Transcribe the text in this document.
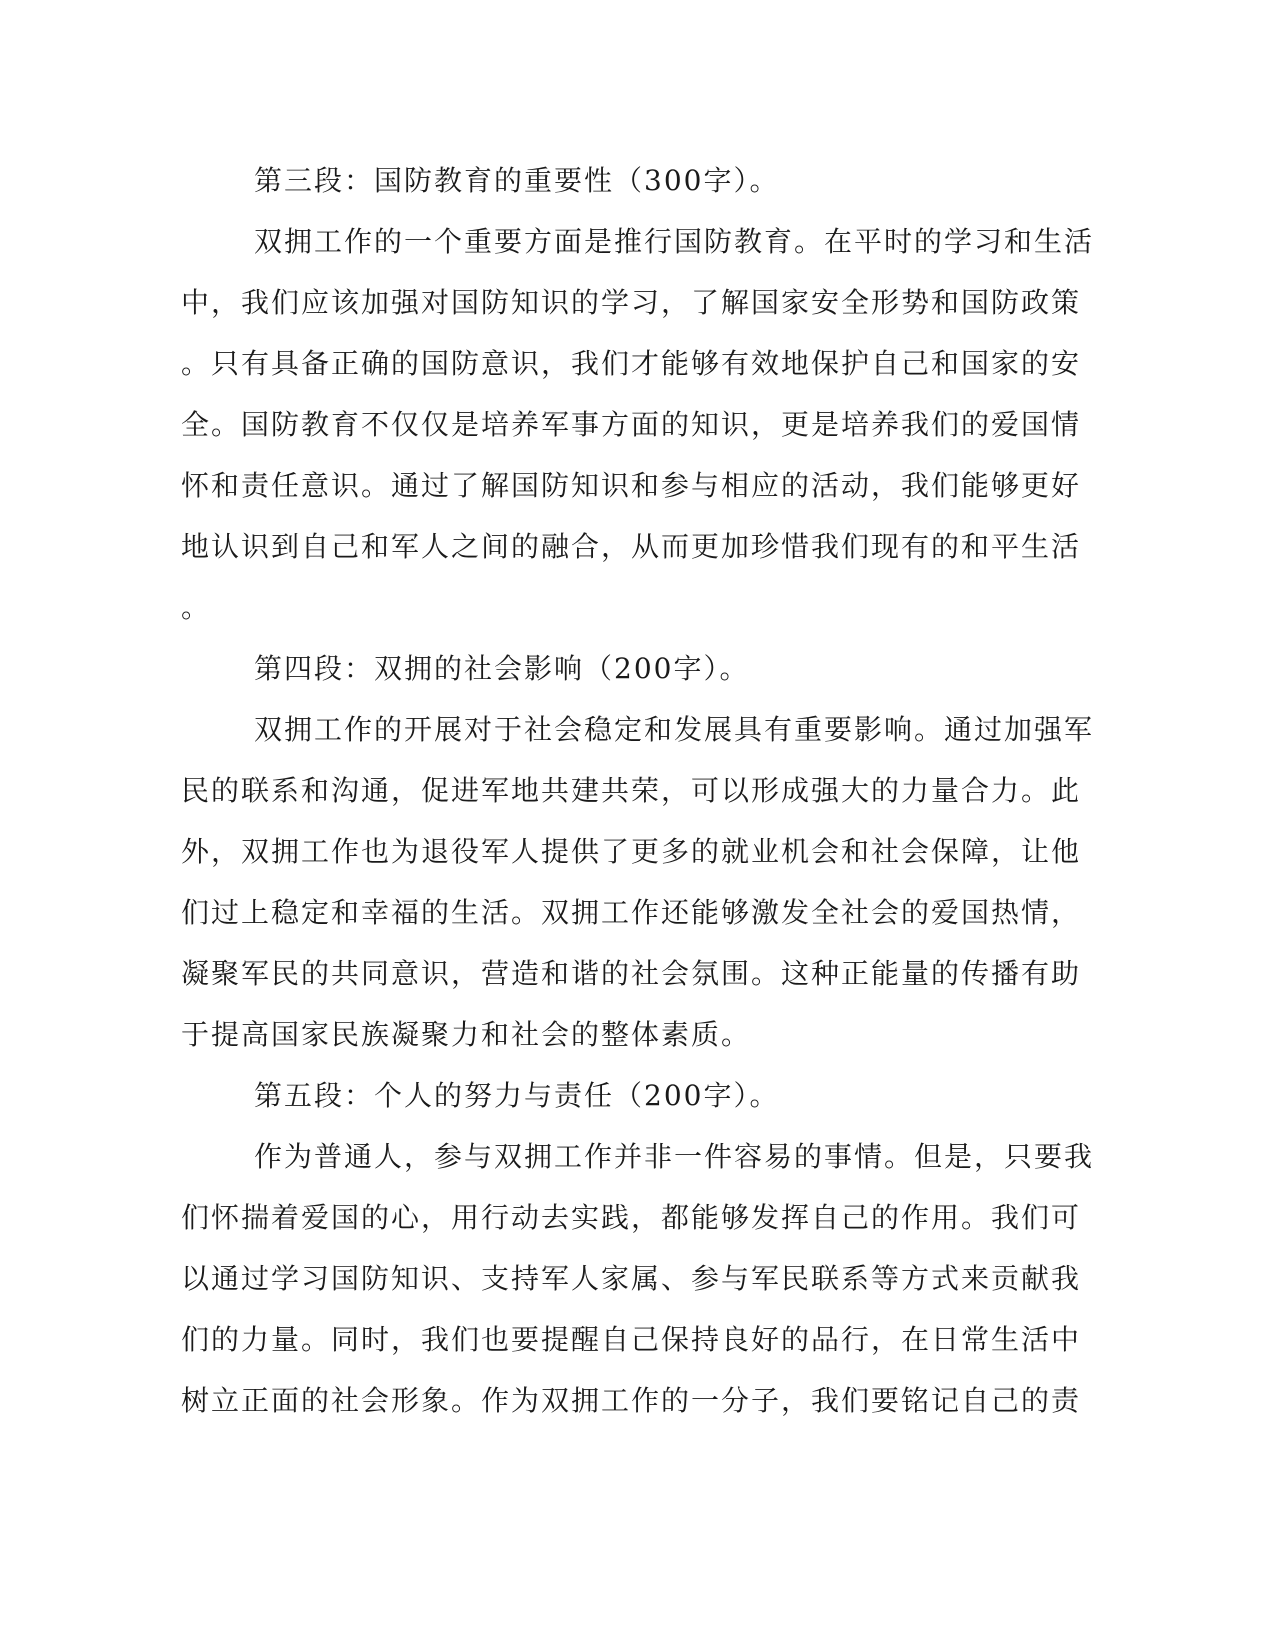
第三段：国防教育的重要性（300字）。
双拥工作的一个重要方面是推行国防教育。在平时的学习和生活
中，我们应该加强对国防知识的学习，了解国家安全形势和国防政策
。只有具备正确的国防意识，我们才能够有效地保护自己和国家的安
全。国防教育不仅仅是培养军事方面的知识，更是培养我们的爱国情
怀和责任意识。通过了解国防知识和参与相应的活动，我们能够更好
地认识到自己和军人之间的融合，从而更加珍惜我们现有的和平生活
。
第四段：双拥的社会影响（200字）。
双拥工作的开展对于社会稳定和发展具有重要影响。通过加强军
民的联系和沟通，促进军地共建共荣，可以形成强大的力量合力。此
外，双拥工作也为退役军人提供了更多的就业机会和社会保障，让他
们过上稳定和幸福的生活。双拥工作还能够激发全社会的爱国热情，
凝聚军民的共同意识，营造和谐的社会氛围。这种正能量的传播有助
于提高国家民族凝聚力和社会的整体素质。
第五段：个人的努力与责任（200字）。
作为普通人，参与双拥工作并非一件容易的事情。但是，只要我
们怀揣着爱国的心，用行动去实践，都能够发挥自己的作用。我们可
以通过学习国防知识、支持军人家属、参与军民联系等方式来贡献我
们的力量。同时，我们也要提醒自己保持良好的品行，在日常生活中
树立正面的社会形象。作为双拥工作的一分子，我们要铭记自己的责
